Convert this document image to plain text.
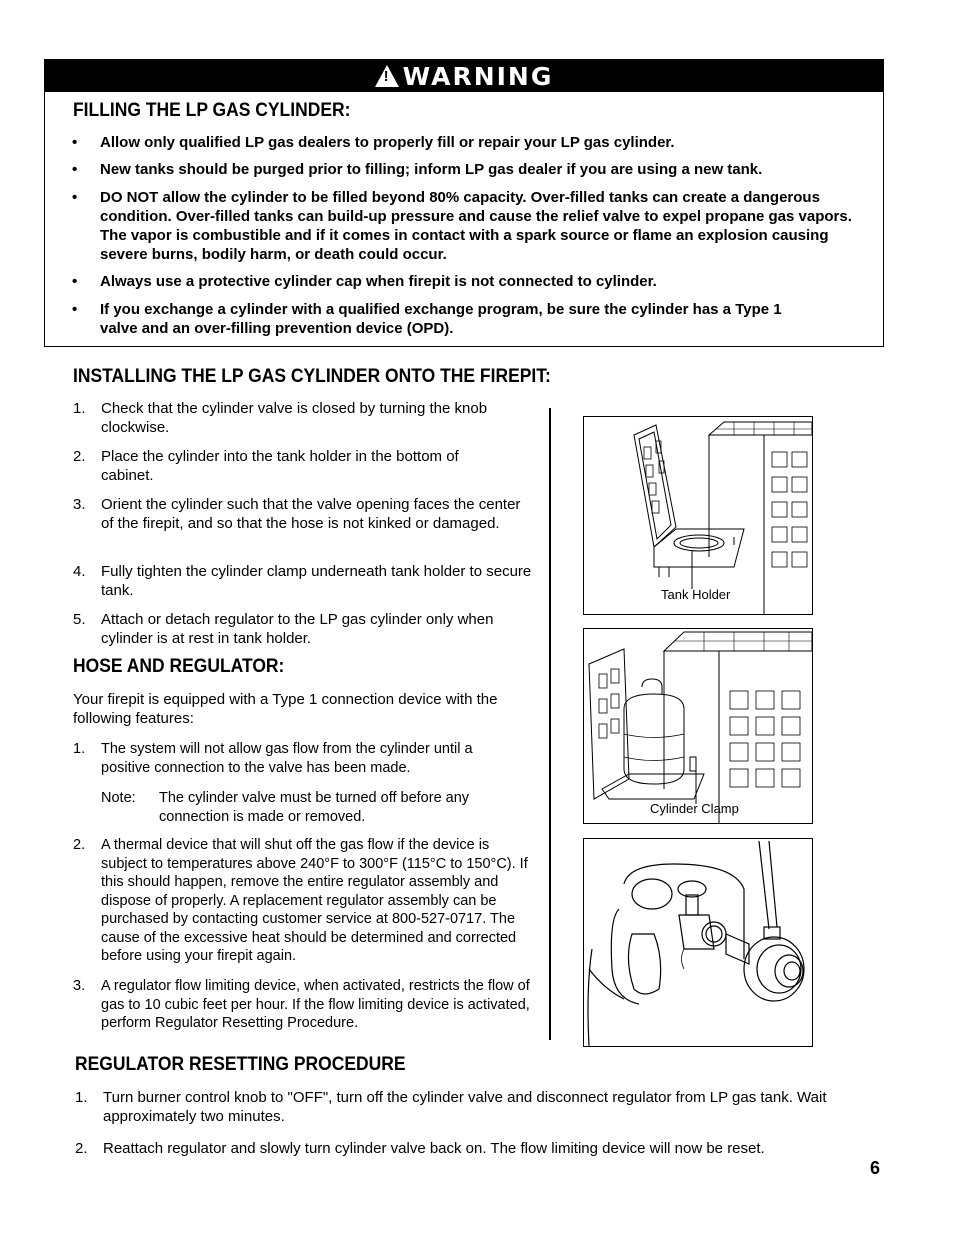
! WARNING
FILLING THE LP GAS CYLINDER:
• Allow only qualified LP gas dealers to properly fill or repair your LP gas cylinder.
• New tanks should be purged prior to filling; inform LP gas dealer if you are using a new tank.
• DO NOT allow the cylinder to be filled beyond 80% capacity. Over-filled tanks can create a dangerous condition. Over-filled tanks can build-up pressure and cause the relief valve to expel propane gas vapors. The vapor is combustible and if it comes in contact with a spark source or flame an explosion causing severe burns, bodily harm, or death could occur.
• Always use a protective cylinder cap when firepit is not connected to cylinder.
• If you exchange a cylinder with a qualified exchange program, be sure the cylinder has a Type 1 valve and an over-filling prevention device (OPD).
INSTALLING THE LP GAS CYLINDER ONTO THE FIREPIT:
1. Check that the cylinder valve is closed by turning the knob clockwise.
2. Place the cylinder into the tank holder in the bottom of cabinet.
3. Orient the cylinder such that the valve opening faces the center of the firepit, and so that the hose is not kinked or damaged.
4. Fully tighten the cylinder clamp underneath tank holder to secure tank.
5. Attach or detach regulator to the LP gas cylinder only when cylinder is at rest in tank holder.
HOSE AND REGULATOR:
Your firepit is equipped with a Type 1 connection device with the following features:
1. The system will not allow gas flow from the cylinder until a positive connection to the valve has been made.
Note: The cylinder valve must be turned off before any connection is made or removed.
2. A thermal device that will shut off the gas flow if the device is subject to temperatures above 240°F to 300°F (115°C to 150°C). If this should happen, remove the entire regulator assembly and dispose of properly. A replacement regulator assembly can be purchased by contacting customer service at 800-527-0717. The cause of the excessive heat should be determined and corrected before using your firepit again.
3. A regulator flow limiting device, when activated, restricts the flow of gas to 10 cubic feet per hour. If the flow limiting device is activated, perform Regulator Resetting Procedure.
Tank Holder
Cylinder Clamp
REGULATOR RESETTING PROCEDURE
1. Turn burner control knob to "OFF", turn off the cylinder valve and disconnect regulator from LP gas tank. Wait approximately two minutes.
2. Reattach regulator and slowly turn cylinder valve back on. The flow limiting device will now be reset.
6
